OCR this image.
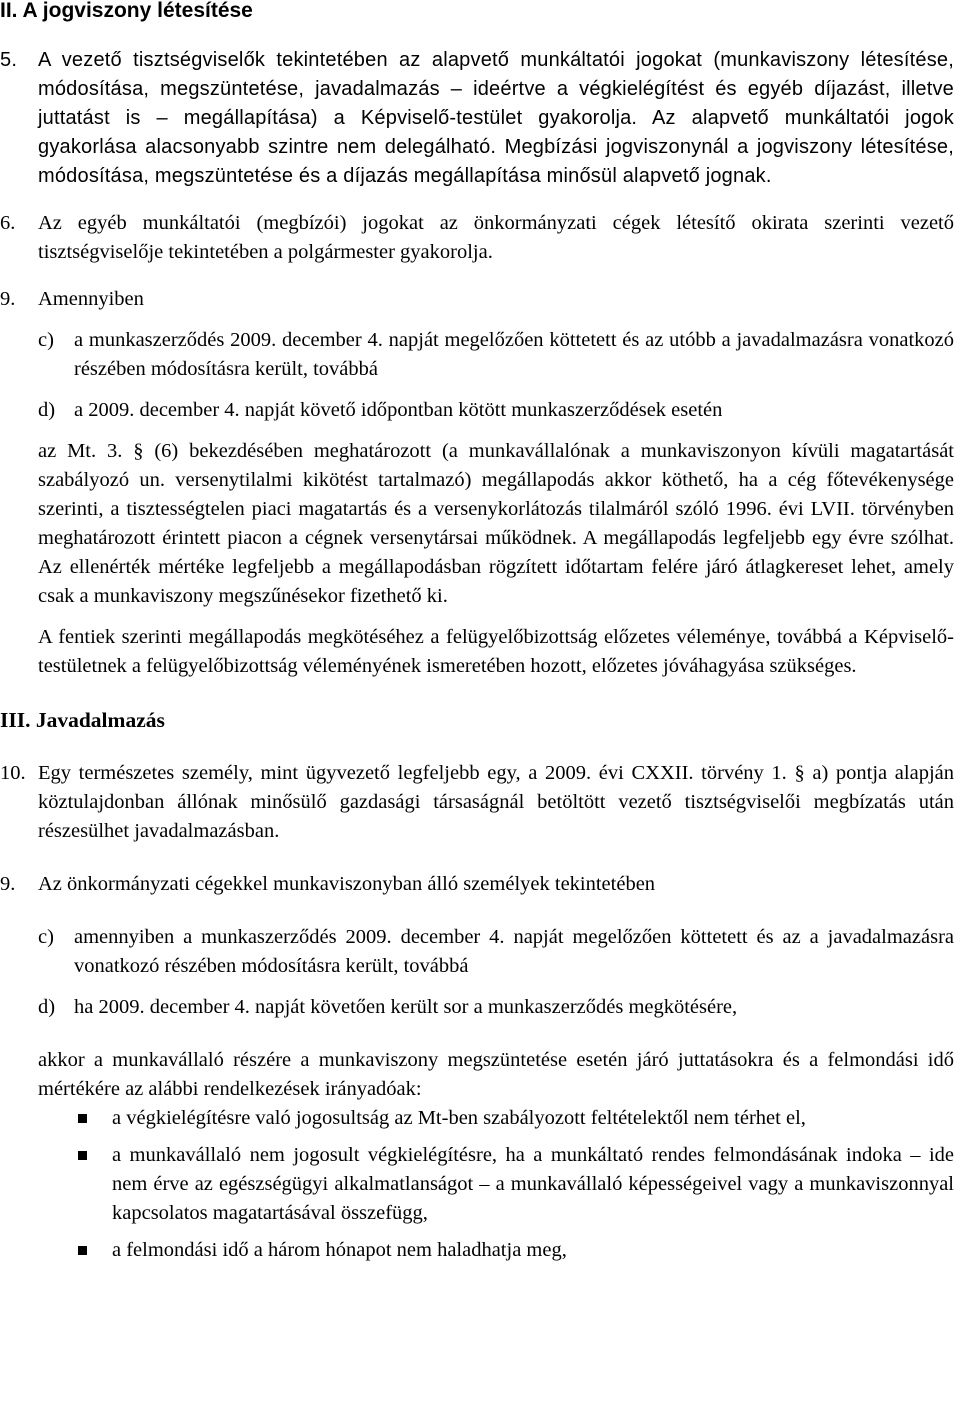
II. A jogviszony létesítése

5. A vezető tisztségviselők tekintetében az alapvető munkáltatói jogokat (munkaviszony létesítése, módosítása, megszüntetése, javadalmazás – ideértve a végkielégítést és egyéb díjazást, illetve juttatást is – megállapítása) a Képviselő-testület gyakorolja. Az alapvető munkáltatói jogok gyakorlása alacsonyabb szintre nem delegálható. Megbízási jogviszonynál a jogviszony létesítése, módosítása, megszüntetése és a díjazás megállapítása minősül alapvető jognak.

6. Az egyéb munkáltatói (megbízói) jogokat az önkormányzati cégek létesítő okirata szerinti vezető tisztségviselője tekintetében a polgármester gyakorolja.

9. Amennyiben

c) a munkaszerződés 2009. december 4. napját megelőzően köttetett és az utóbb a javadalmazásra vonatkozó részében módosításra került, továbbá

d) a 2009. december 4. napját követő időpontban kötött munkaszerződések esetén

az Mt. 3. § (6) bekezdésében meghatározott (a munkavállalónak a munkaviszonyon kívüli magatartását szabályozó un. versenytilalmi kikötést tartalmazó) megállapodás akkor köthető, ha a cég főtevékenysége szerinti, a tisztességtelen piaci magatartás és a versenykorlátozás tilalmáról szóló 1996. évi LVII. törvényben meghatározott érintett piacon a cégnek versenytársai működnek. A megállapodás legfeljebb egy évre szólhat. Az ellenérték mértéke legfeljebb a megállapodásban rögzített időtartam felére járó átlagkereset lehet, amely csak a munkaviszony megszűnésekor fizethető ki.

A fentiek szerinti megállapodás megkötéséhez a felügyelőbizottság előzetes véleménye, továbbá a Képviselő-testületnek a felügyelőbizottság véleményének ismeretében hozott, előzetes jóváhagyása szükséges.

III. Javadalmazás

10. Egy természetes személy, mint ügyvezető legfeljebb egy, a 2009. évi CXXII. törvény 1. § a) pontja alapján köztulajdonban állónak minősülő gazdasági társaságnál betöltött vezető tisztségviselői megbízatás után részesülhet javadalmazásban.

9. Az önkormányzati cégekkel munkaviszonyban álló személyek tekintetében

c) amennyiben a munkaszerződés 2009. december 4. napját megelőzően köttetett és az a javadalmazásra vonatkozó részében módosításra került, továbbá

d) ha 2009. december 4. napját követően került sor a munkaszerződés megkötésére,

akkor a munkavállaló részére a munkaviszony megszüntetése esetén járó juttatásokra és a felmondási idő mértékére az alábbi rendelkezések irányadóak:

a végkielégítésre való jogosultság az Mt-ben szabályozott feltételektől nem térhet el,
a munkavállaló nem jogosult végkielégítésre, ha a munkáltató rendes felmondásának indoka – ide nem érve az egészségügyi alkalmatlanságot – a munkavállaló képességeivel vagy a munkaviszonnyal kapcsolatos magatartásával összefügg,
a felmondási idő a három hónapot nem haladhatja meg,
